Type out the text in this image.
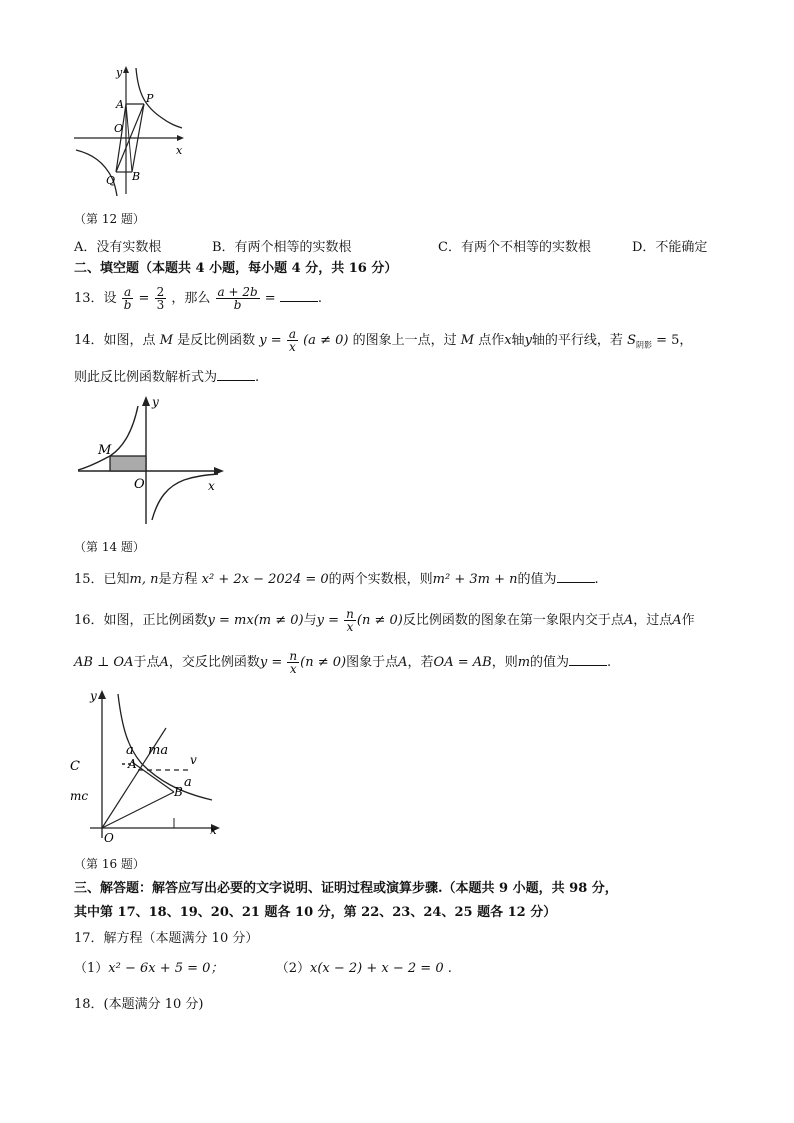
y
x
A P
O
Q B
（第 12 题）
A．没有实数根	B．有两个相等的实数根	C．有两个不相等的实数根	D．不能确定
二、填空题（本题共 4 小题，每小题 4 分，共 16 分）
13．设 $\frac{a}{b} = \frac{2}{3}$ ，那么 $\frac{a + 2b}{b}$ =	.
14．如图，点 M 是反比例函数 $y = \frac{a}{x} (a \ne 0)$ 的图象上一点，过 M 点作x轴y轴的平行线，若 $S_{阴影} = 5$，
则此反比例函数解析式为	.
y
x
M
O
（第 14 题）
15．已知m, n是方程 x² + 2x − 2024 = 0的两个实数根，则m² + 3m + n的值为	.
16．如图，正比例函数y = mx(m ≠ 0)与$y = \frac{n}{x} (n \ne 0)$反比例函数的图象在第一象限内交于点A，过点A作
AB ⊥ OA于点A，交反比例函数$y = \frac{n}{x} (n \ne 0)$图象于点A，若OA = AB，则m的值为	.
y
x
O
A
B
a ma
v
a
C
mc
（第 16 题）
三、解答题：解答应写出必要的文字说明、证明过程或演算步骤.（本题共 9 小题，共 98 分，
其中第 17、18、19、20、21 题各 10 分，第 22、23、24、25 题各 12 分）
17．解方程（本题满分 10 分）
（1）x² − 6x + 5 = 0；	（2）x(x − 2) + x − 2 = 0 .
18．(本题满分 10 分)
